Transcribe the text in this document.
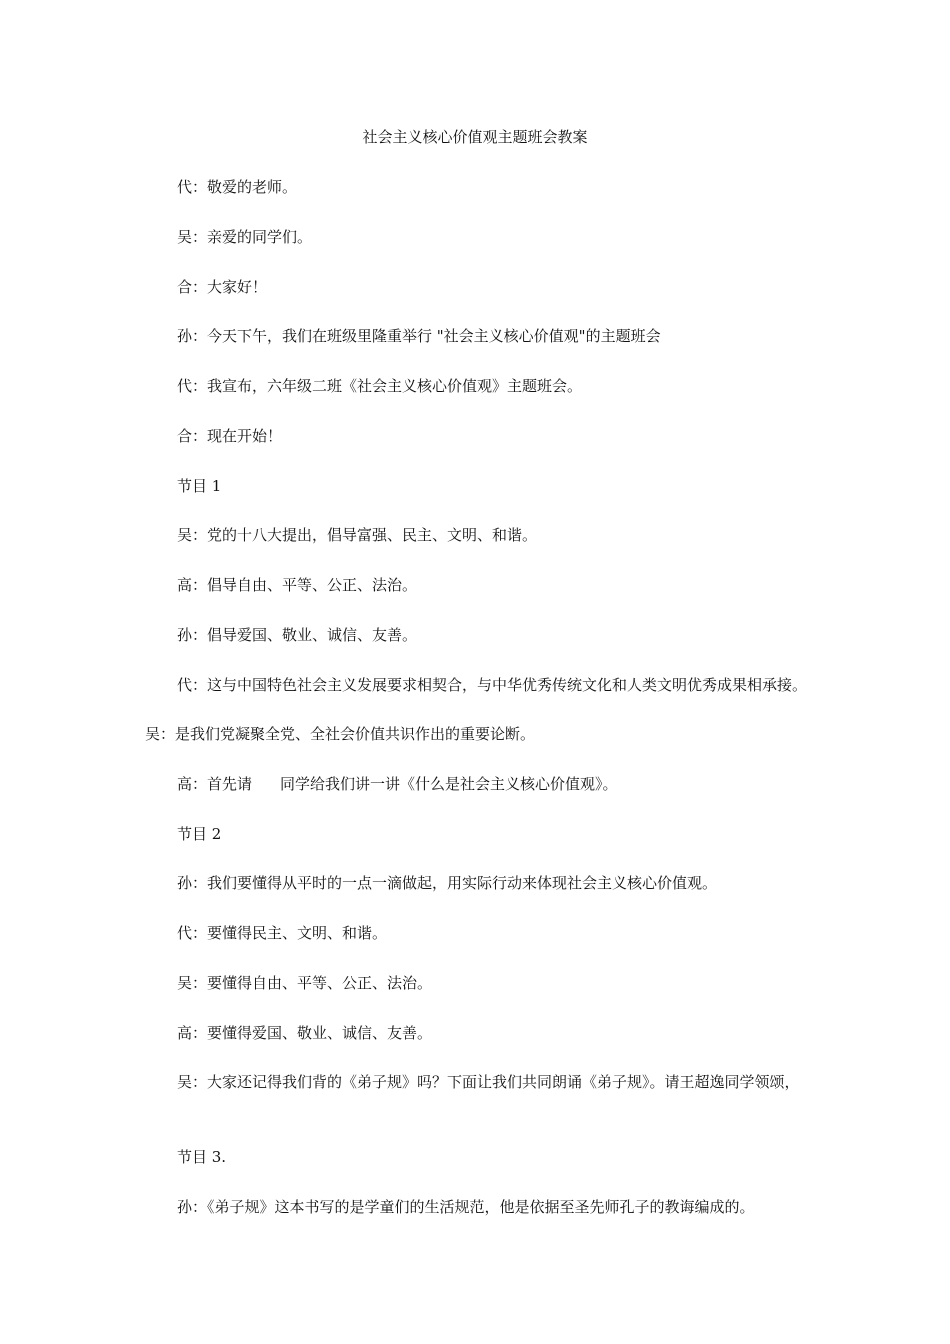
社会主义核心价值观主题班会教案
代：敬爱的老师。
吴：亲爱的同学们。
合：大家好！
孙：今天下午，我们在班级里隆重举行 "社会主义核心价值观"的主题班会
代：我宣布，六年级二班《社会主义核心价值观》主题班会。
合：现在开始！
节目 1
吴：党的十八大提出，倡导富强、民主、文明、和谐。
高：倡导自由、平等、公正、法治。
孙：倡导爱国、敬业、诚信、友善。
代：这与中国特色社会主义发展要求相契合，与中华优秀传统文化和人类文明优秀成果相承接。
吴：是我们党凝聚全党、全社会价值共识作出的重要论断。
高：首先请 同学给我们讲一讲《什么是社会主义核心价值观》。
节目 2
孙：我们要懂得从平时的一点一滴做起，用实际行动来体现社会主义核心价值观。
代：要懂得民主、文明、和谐。
吴：要懂得自由、平等、公正、法治。
高：要懂得爱国、敬业、诚信、友善。
吴：大家还记得我们背的《弟子规》吗？下面让我们共同朗诵《弟子规》。请王超逸同学领颂，
节目 3.
孙：《弟子规》这本书写的是学童们的生活规范，他是依据至圣先师孔子的教诲编成的。
